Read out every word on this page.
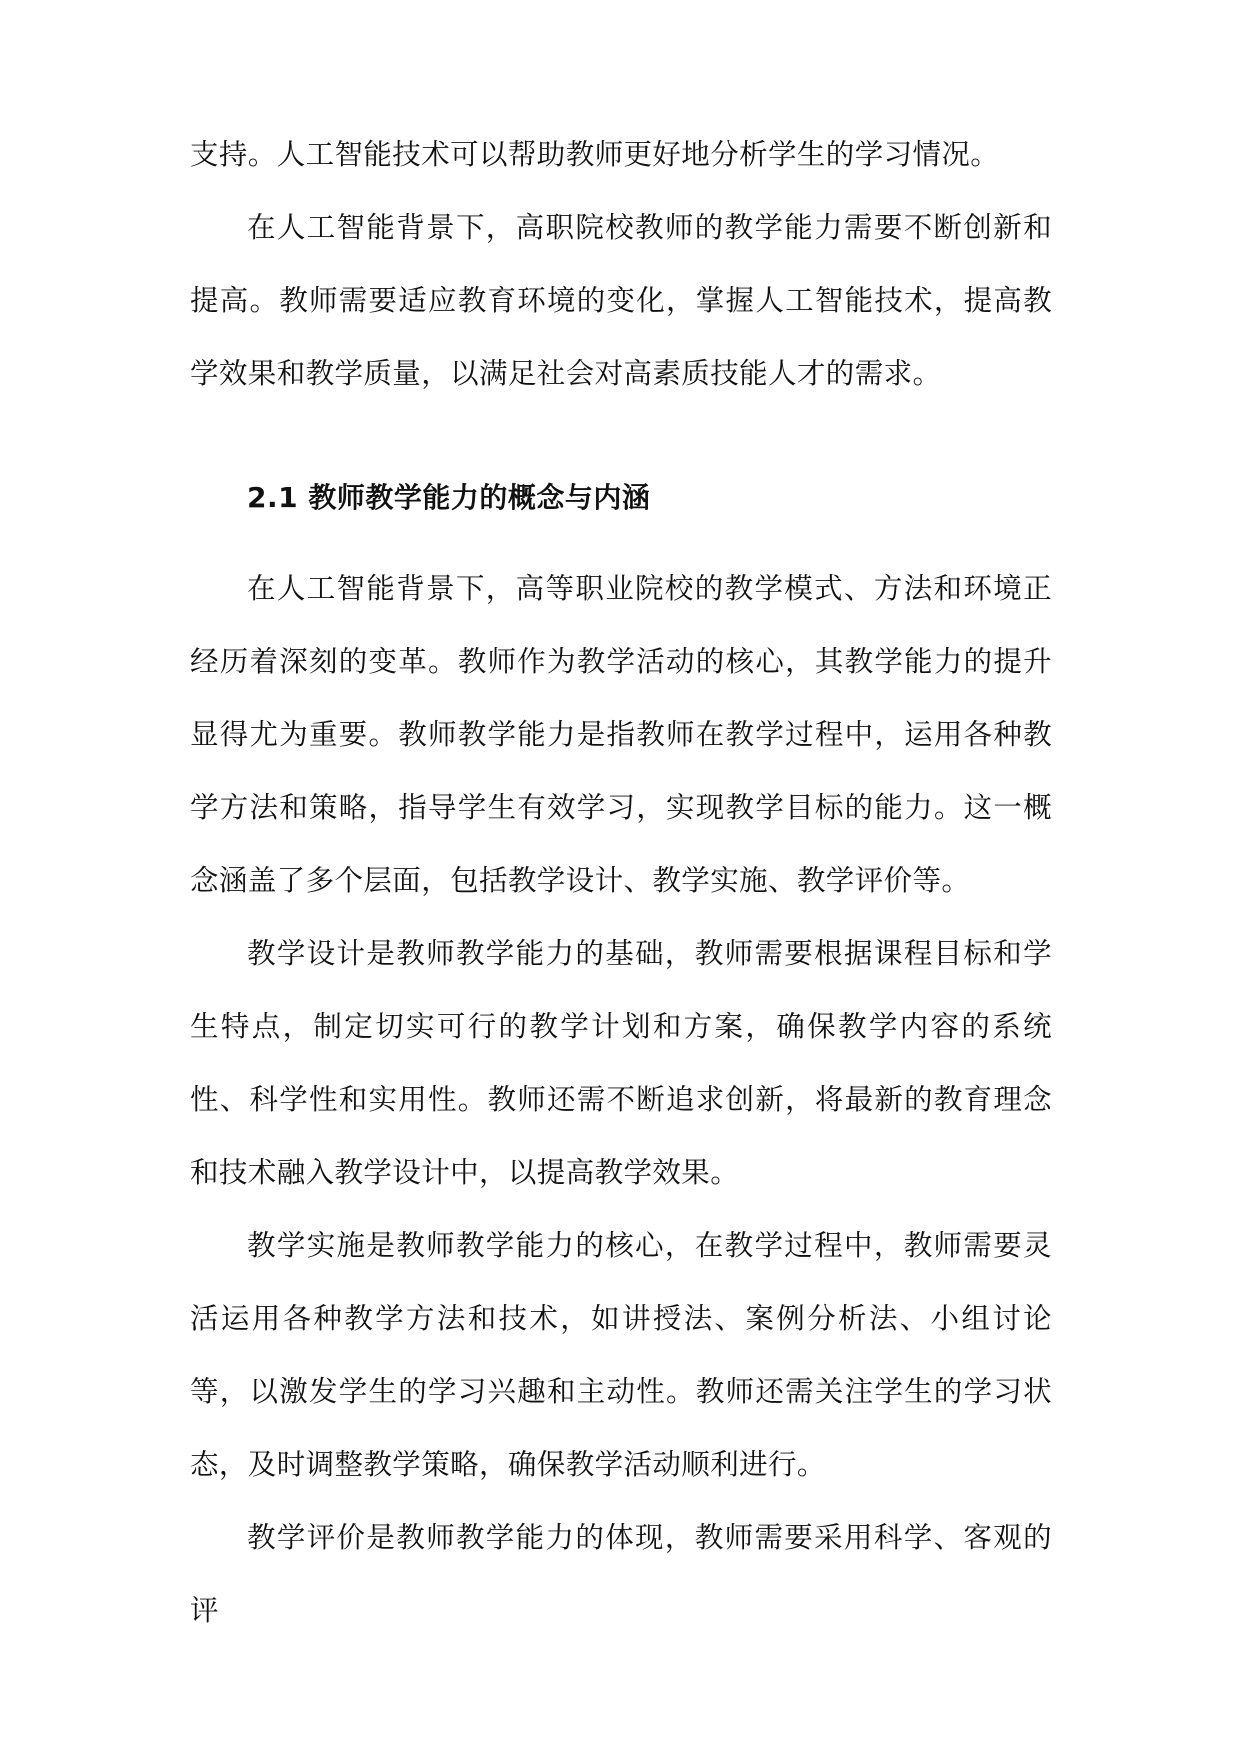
支持。人工智能技术可以帮助教师更好地分析学生的学习情况。

在人工智能背景下，高职院校教师的教学能力需要不断创新和提高。教师需要适应教育环境的变化，掌握人工智能技术，提高教学效果和教学质量，以满足社会对高素质技能人才的需求。

2.1 教师教学能力的概念与内涵

在人工智能背景下，高等职业院校的教学模式、方法和环境正经历着深刻的变革。教师作为教学活动的核心，其教学能力的提升显得尤为重要。教师教学能力是指教师在教学过程中，运用各种教学方法和策略，指导学生有效学习，实现教学目标的能力。这一概念涵盖了多个层面，包括教学设计、教学实施、教学评价等。

教学设计是教师教学能力的基础，教师需要根据课程目标和学生特点，制定切实可行的教学计划和方案，确保教学内容的系统性、科学性和实用性。教师还需不断追求创新，将最新的教育理念和技术融入教学设计中，以提高教学效果。

教学实施是教师教学能力的核心，在教学过程中，教师需要灵活运用各种教学方法和技术，如讲授法、案例分析法、小组讨论等，以激发学生的学习兴趣和主动性。教师还需关注学生的学习状态，及时调整教学策略，确保教学活动顺利进行。

教学评价是教师教学能力的体现，教师需要采用科学、客观的评
